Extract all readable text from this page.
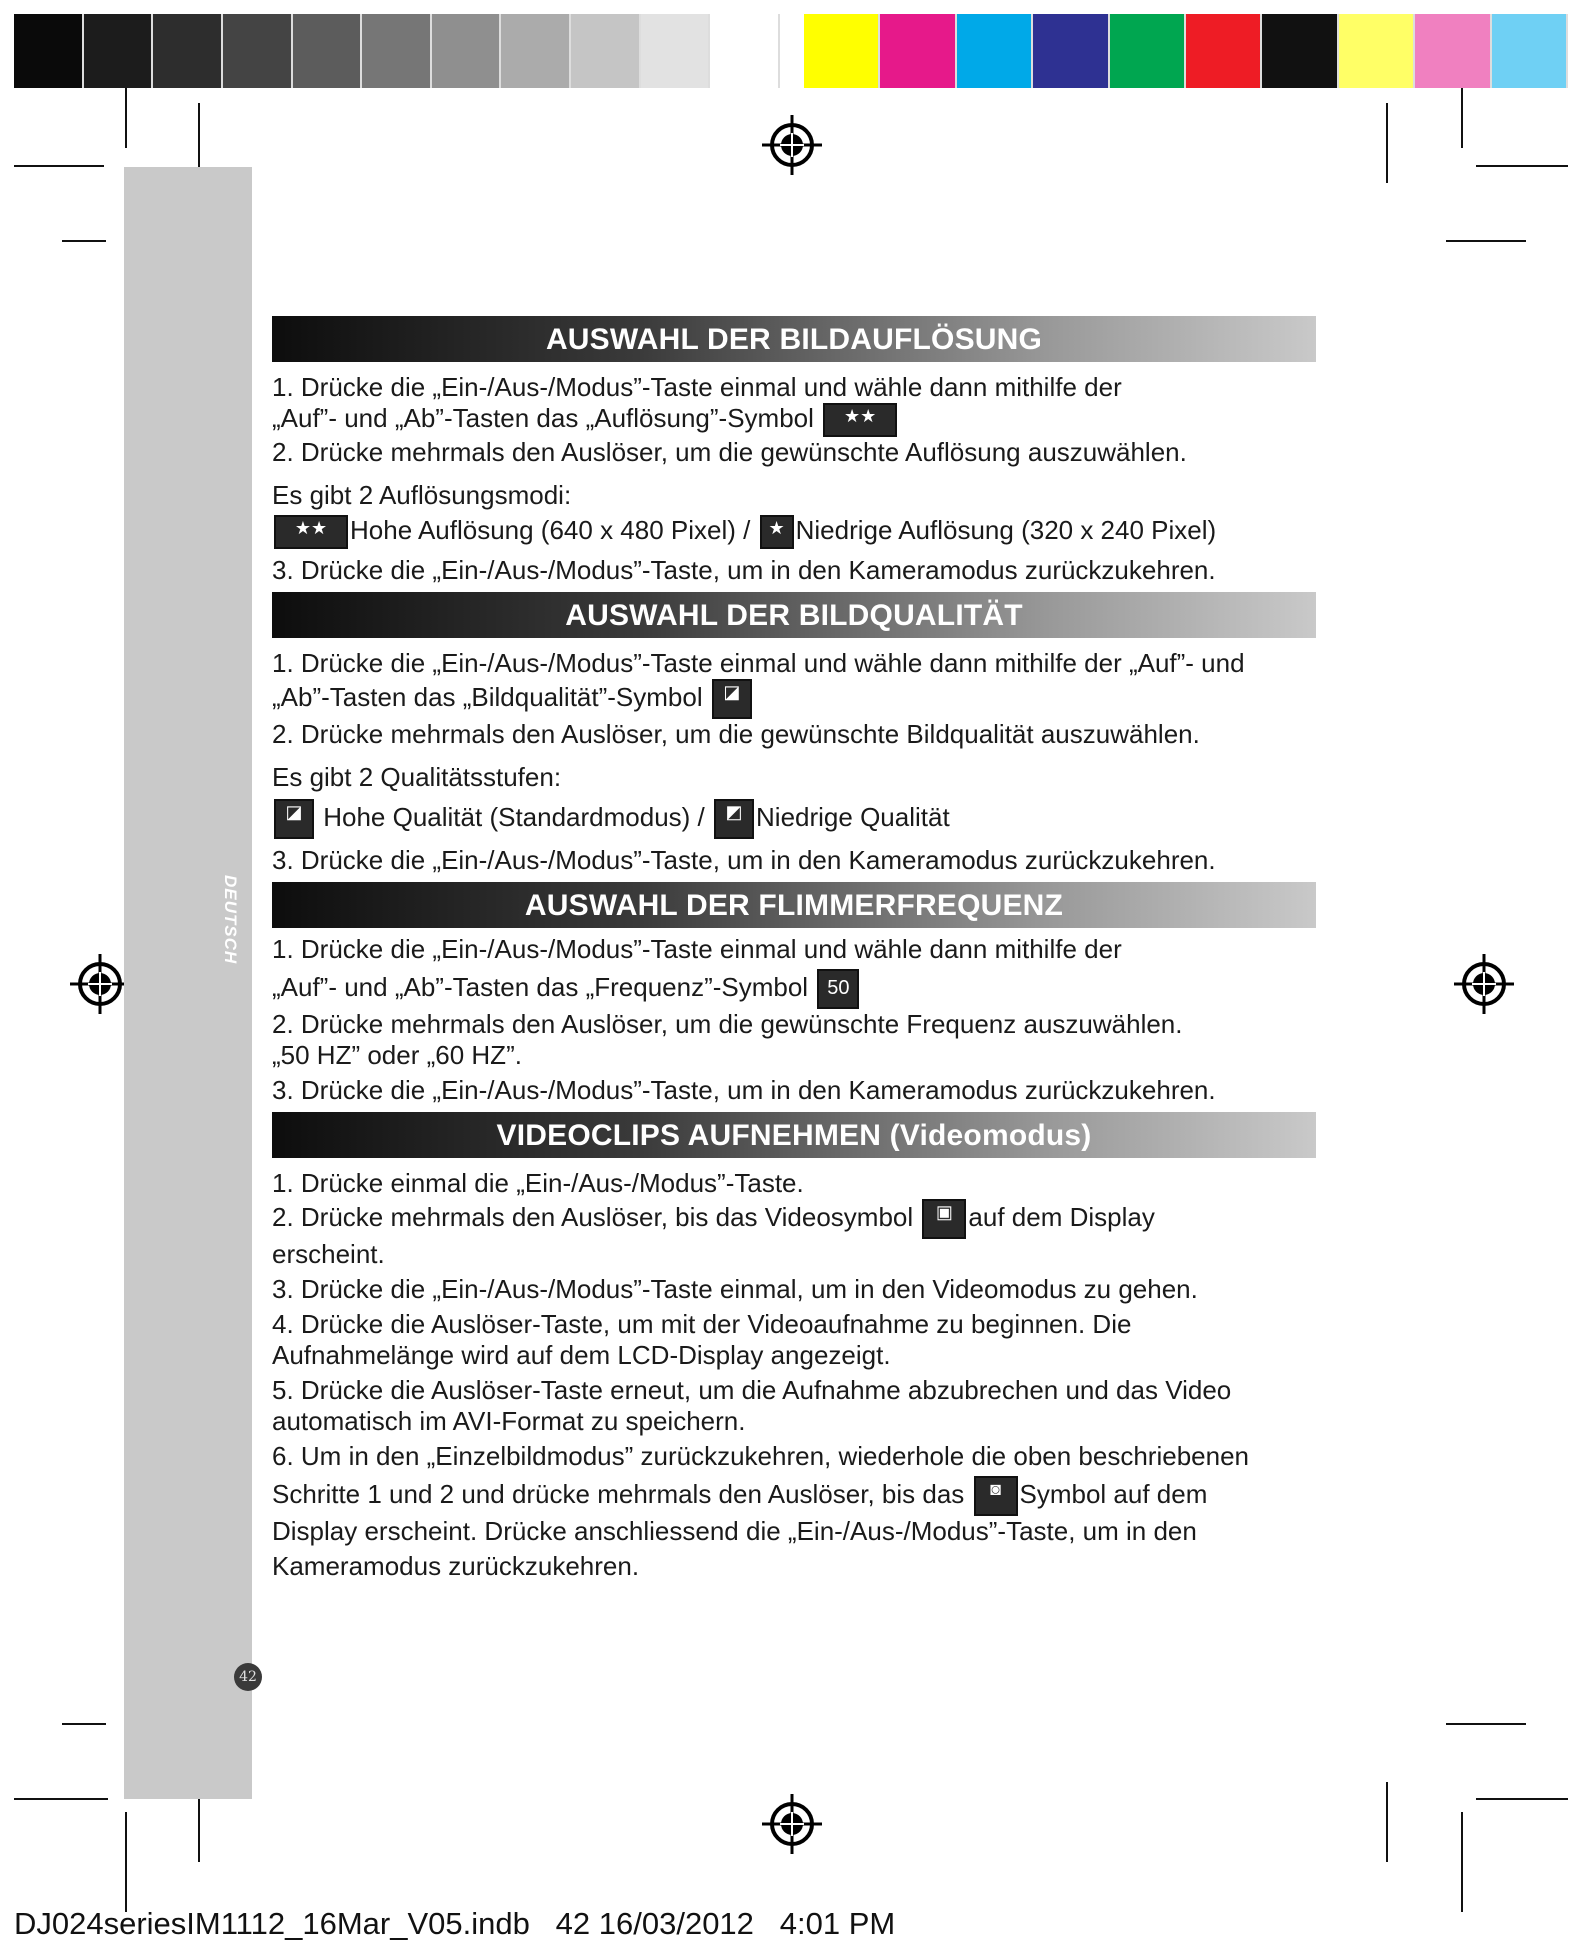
DEUTSCH
42
AUSWAHL DER BILDAUFLÖSUNG

1. Drücke die „Ein-/Aus-/Modus”-Taste einmal und wähle dann mithilfe der

„Auf”- und „Ab”-Tasten das „Auflösung”-Symbol ★★

2. Drücke mehrmals den Auslöser, um die gewünschte Auflösung auszuwählen.

Es gibt 2 Auflösungsmodi:

★★ Hohe Auflösung (640 x 480 Pixel) / ★ Niedrige Auflösung (320 x 240 Pixel)

3. Drücke die „Ein-/Aus-/Modus”-Taste, um in den Kameramodus zurückzukehren.

AUSWAHL DER BILDQUALITÄT

1. Drücke die „Ein-/Aus-/Modus”-Taste einmal und wähle dann mithilfe der „Auf”- und

„Ab”-Tasten das „Bildqualität”-Symbol ◪

2. Drücke mehrmals den Auslöser, um die gewünschte Bildqualität auszuwählen.

Es gibt 2 Qualitätsstufen:

◪ Hohe Qualität (Standardmodus) / ◩ Niedrige Qualität

3. Drücke die „Ein-/Aus-/Modus”-Taste, um in den Kameramodus zurückzukehren.

AUSWAHL DER FLIMMERFREQUENZ

1. Drücke die „Ein-/Aus-/Modus”-Taste einmal und wähle dann mithilfe der

„Auf”- und „Ab”-Tasten das „Frequenz”-Symbol 50

2. Drücke mehrmals den Auslöser, um die gewünschte Frequenz auszuwählen.

„50 HZ” oder „60 HZ”.

3. Drücke die „Ein-/Aus-/Modus”-Taste, um in den Kameramodus zurückzukehren.

VIDEOCLIPS AUFNEHMEN (Videomodus)

1. Drücke einmal die „Ein-/Aus-/Modus”-Taste.

2. Drücke mehrmals den Auslöser, bis das Videosymbol ▣ auf dem Display

erscheint.

3. Drücke die „Ein-/Aus-/Modus”-Taste einmal, um in den Videomodus zu gehen.

4. Drücke die Auslöser-Taste, um mit der Videoaufnahme zu beginnen. Die

Aufnahmelänge wird auf dem LCD-Display angezeigt.

5. Drücke die Auslöser-Taste erneut, um die Aufnahme abzubrechen und das Video

automatisch im AVI-Format zu speichern.

6. Um in den „Einzelbildmodus” zurückzukehren, wiederhole die oben beschriebenen

Schritte 1 und 2 und drücke mehrmals den Auslöser, bis das ◙ Symbol auf dem

Display erscheint. Drücke anschliessend die „Ein-/Aus-/Modus”-Taste, um in den

Kameramodus zurückzukehren.

DJ024seriesIM1112_16Mar_V05.indb   42 16/03/2012   4:01 PM
